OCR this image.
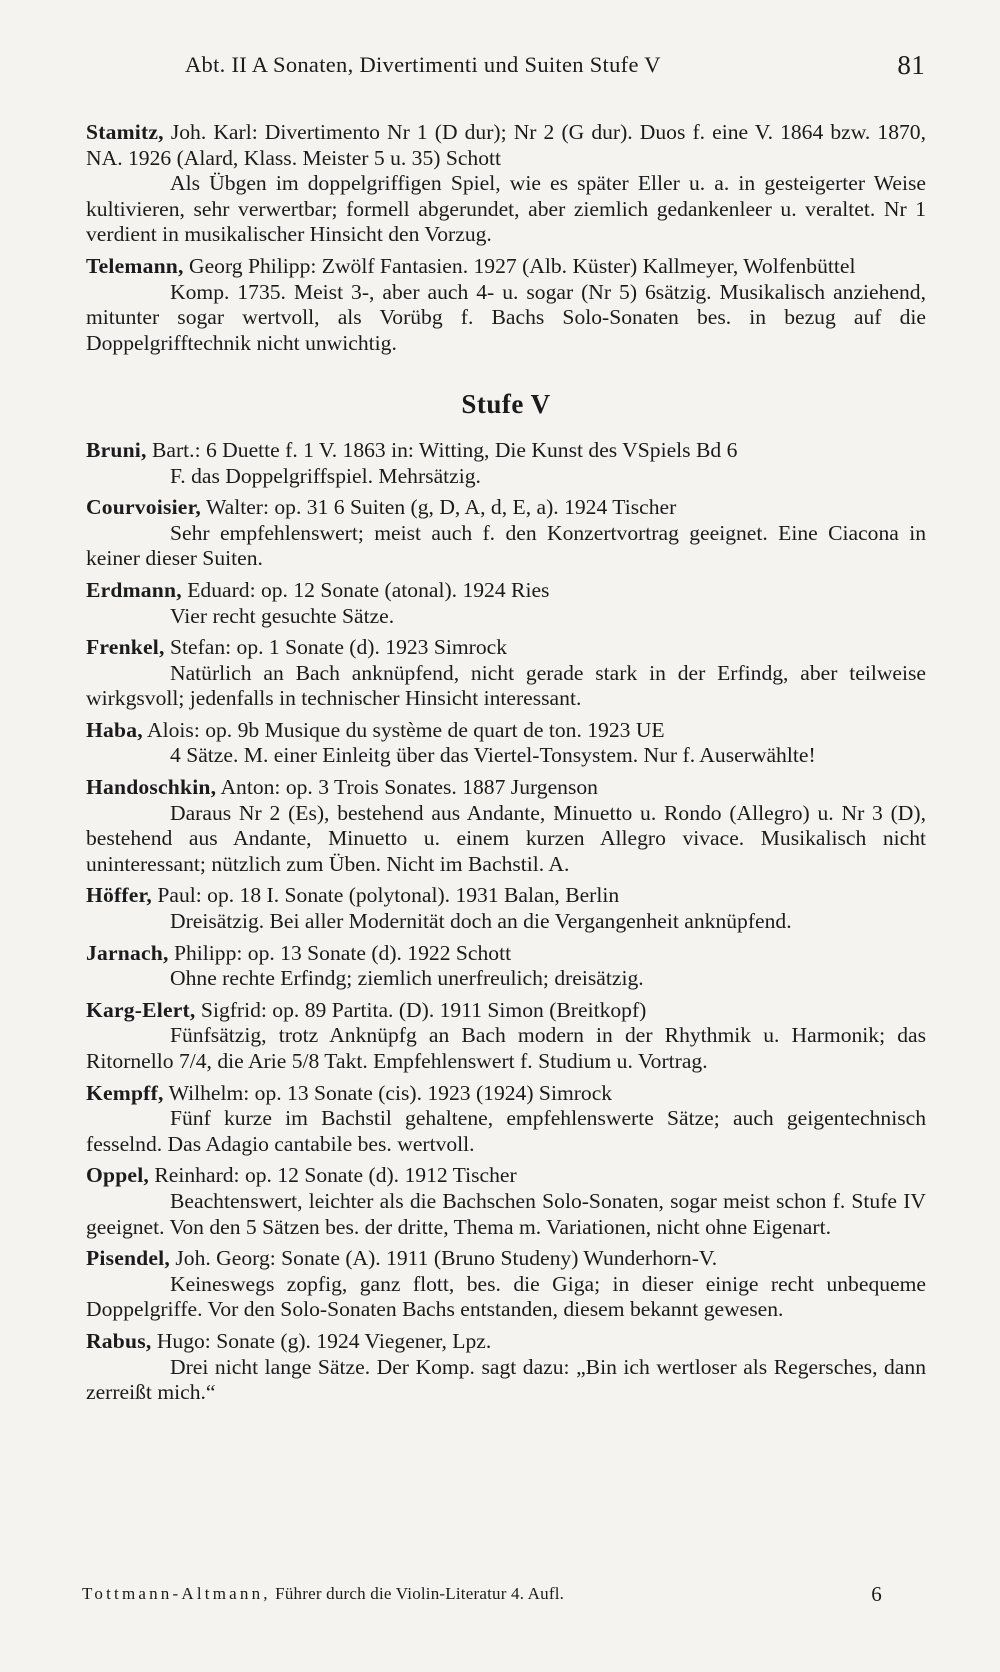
Abt. II A Sonaten, Divertimenti und Suiten Stufe V	81

Stamitz, Joh. Karl: Divertimento Nr 1 (D dur); Nr 2 (G dur). Duos f. eine V. 1864 bzw. 1870, NA. 1926 (Alard, Klass. Meister 5 u. 35) Schott

Als Übgen im doppelgriffigen Spiel, wie es später Eller u. a. in gesteigerter Weise kultivieren, sehr verwertbar; formell abgerundet, aber ziemlich gedankenleer u. veraltet. Nr 1 verdient in musikalischer Hinsicht den Vorzug.

Telemann, Georg Philipp: Zwölf Fantasien. 1927 (Alb. Küster) Kallmeyer, Wolfenbüttel

Komp. 1735. Meist 3-, aber auch 4- u. sogar (Nr 5) 6sätzig. Musikalisch anziehend, mitunter sogar wertvoll, als Vorübg f. Bachs Solo-Sonaten bes. in bezug auf die Doppelgrifftechnik nicht unwichtig.

Stufe V

Bruni, Bart.: 6 Duette f. 1 V. 1863 in: Witting, Die Kunst des VSpiels Bd 6

F. das Doppelgriffspiel. Mehrsätzig.

Courvoisier, Walter: op. 31 6 Suiten (g, D, A, d, E, a). 1924 Tischer

Sehr empfehlenswert; meist auch f. den Konzertvortrag geeignet. Eine Ciacona in keiner dieser Suiten.

Erdmann, Eduard: op. 12 Sonate (atonal). 1924 Ries

Vier recht gesuchte Sätze.

Frenkel, Stefan: op. 1 Sonate (d). 1923 Simrock

Natürlich an Bach anknüpfend, nicht gerade stark in der Erfindg, aber teilweise wirkgsvoll; jedenfalls in technischer Hinsicht interessant.

Haba, Alois: op. 9b Musique du système de quart de ton. 1923 UE

4 Sätze. M. einer Einleitg über das Viertel-Tonsystem. Nur f. Auserwählte!

Handoschkin, Anton: op. 3 Trois Sonates. 1887 Jurgenson

Daraus Nr 2 (Es), bestehend aus Andante, Minuetto u. Rondo (Allegro) u. Nr 3 (D), bestehend aus Andante, Minuetto u. einem kurzen Allegro vivace. Musikalisch nicht uninteressant; nützlich zum Üben. Nicht im Bachstil. A.

Höffer, Paul: op. 18 I. Sonate (polytonal). 1931 Balan, Berlin

Dreisätzig. Bei aller Modernität doch an die Vergangenheit anknüpfend.

Jarnach, Philipp: op. 13 Sonate (d). 1922 Schott

Ohne rechte Erfindg; ziemlich unerfreulich; dreisätzig.

Karg-Elert, Sigfrid: op. 89 Partita. (D). 1911 Simon (Breitkopf)

Fünfsätzig, trotz Anknüpfg an Bach modern in der Rhythmik u. Harmonik; das Ritornello 7/4, die Arie 5/8 Takt. Empfehlenswert f. Studium u. Vortrag.

Kempff, Wilhelm: op. 13 Sonate (cis). 1923 (1924) Simrock

Fünf kurze im Bachstil gehaltene, empfehlenswerte Sätze; auch geigentechnisch fesselnd. Das Adagio cantabile bes. wertvoll.

Oppel, Reinhard: op. 12 Sonate (d). 1912 Tischer

Beachtenswert, leichter als die Bachschen Solo-Sonaten, sogar meist schon f. Stufe IV geeignet. Von den 5 Sätzen bes. der dritte, Thema m. Variationen, nicht ohne Eigenart.

Pisendel, Joh. Georg: Sonate (A). 1911 (Bruno Studeny) Wunderhorn-V.

Keineswegs zopfig, ganz flott, bes. die Giga; in dieser einige recht unbequeme Doppelgriffe. Vor den Solo-Sonaten Bachs entstanden, diesem bekannt gewesen.

Rabus, Hugo: Sonate (g). 1924 Viegener, Lpz.

Drei nicht lange Sätze. Der Komp. sagt dazu: „Bin ich wertloser als Regersches, dann zerreißt mich.“

Tottmann-Altmann, Führer durch die Violin-Literatur 4. Aufl.	6
